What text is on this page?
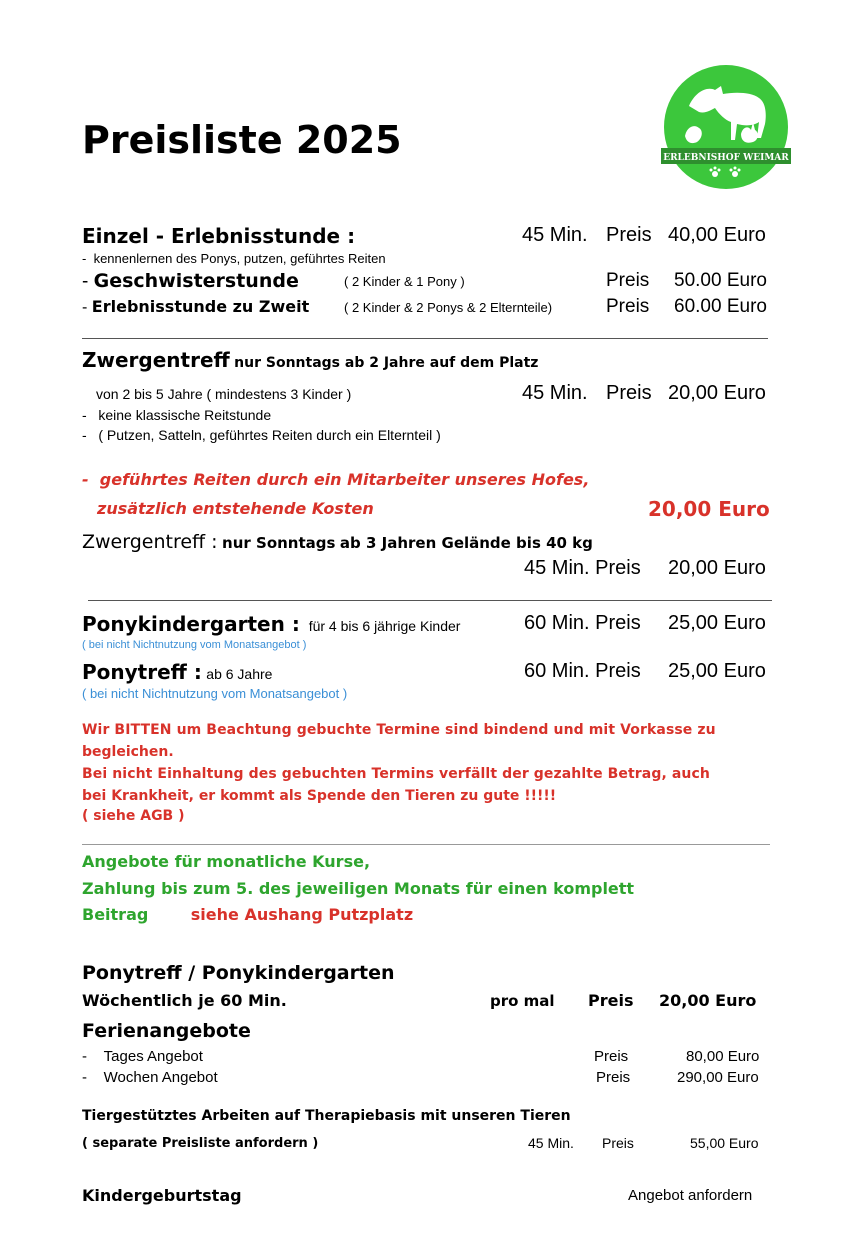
Preisliste 2025	ERLEBNISHOF WEIMAR
Einzel - Erlebnisstunde :	45 Min. Preis 40,00 Euro
- kennenlernen des Ponys, putzen, geführtes Reiten
- Geschwisterstunde	( 2 Kinder & 1 Pony )	Preis 50.00 Euro
- Erlebnisstunde zu Zweit	( 2 Kinder & 2 Ponys & 2 Elternteile)	Preis 60.00 Euro
Zwergentreff nur Sonntags ab 2 Jahre auf dem Platz
von 2 bis 5 Jahre ( mindestens 3 Kinder )	45 Min. Preis 20,00 Euro
- keine klassische Reitstunde
- ( Putzen, Satteln, geführtes Reiten durch ein Elternteil )
- geführtes Reiten durch ein Mitarbeiter unseres Hofes,
zusätzlich entstehende Kosten	20,00 Euro
Zwergentreff : nur Sonntags ab 3 Jahren Gelände bis 40 kg
45 Min. Preis 20,00 Euro
Ponykindergarten : für 4 bis 6 jährige Kinder	60 Min. Preis 25,00 Euro
( bei nicht Nichtnutzung vom Monatsangebot )
Ponytreff : ab 6 Jahre	60 Min. Preis 25,00 Euro
( bei nicht Nichtnutzung vom Monatsangebot )
Wir BITTEN um Beachtung gebuchte Termine sind bindend und mit Vorkasse zu
begleichen.
Bei nicht Einhaltung des gebuchten Termins verfällt der gezahlte Betrag, auch
bei Krankheit, er kommt als Spende den Tieren zu gute !!!!!
( siehe AGB )
Angebote für monatliche Kurse,
Zahlung bis zum 5. des jeweiligen Monats für einen komplett
Beitrag	siehe Aushang Putzplatz
Ponytreff / Ponykindergarten
Wöchentlich je 60 Min.	pro mal Preis 20,00 Euro
Ferienangebote
- Tages Angebot	Preis	80,00 Euro
- Wochen Angebot	Preis	290,00 Euro
Tiergestütztes Arbeiten auf Therapiebasis mit unseren Tieren
( separate Preisliste anfordern )	45 Min. Preis	55,00 Euro
Kindergeburtstag	Angebot anfordern
